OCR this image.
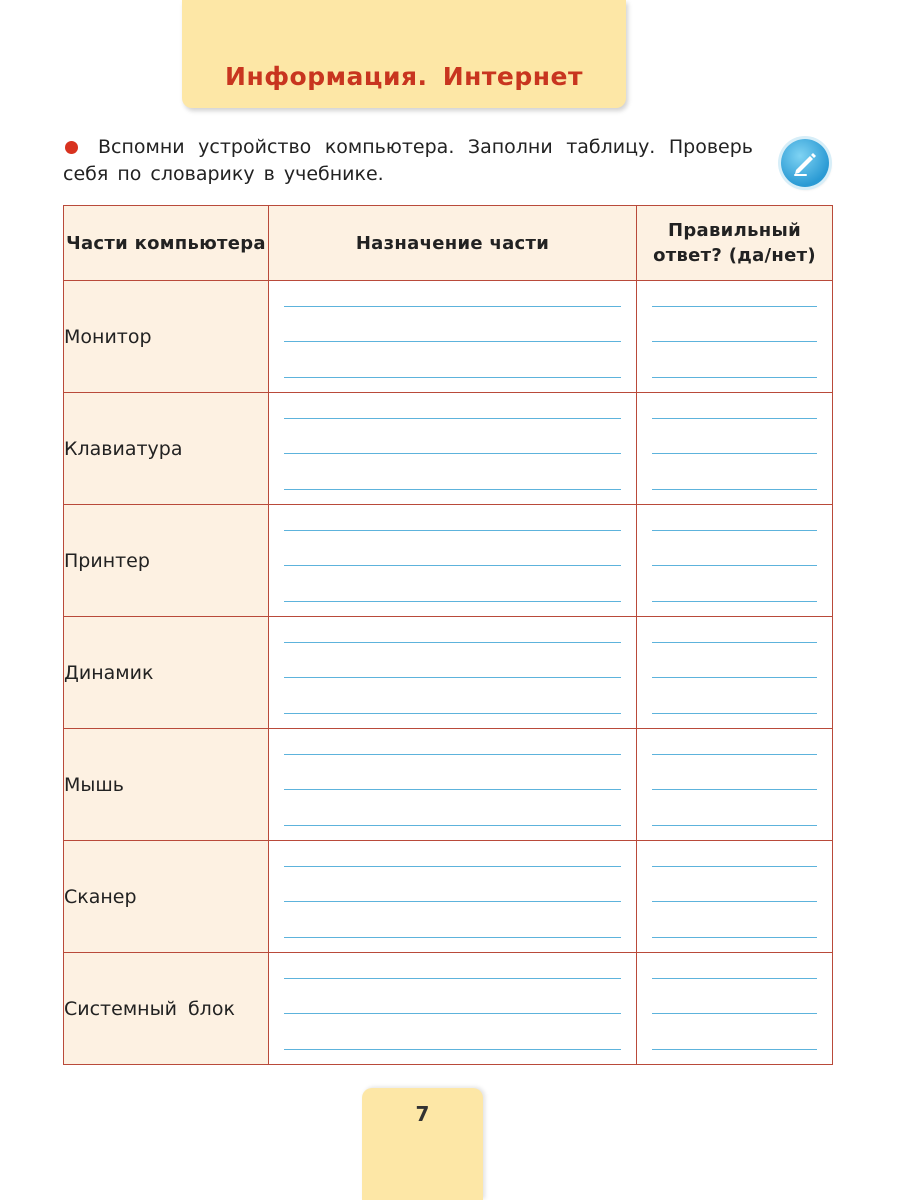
Информация. Интернет
Вспомни устройство компьютера. Заполни таблицу. Проверь себя по словарику в учебнике.
Части компьютера	Назначение части	Правильный ответ? (да/нет)
Монитор	

Клавиатура	

Принтер	

Динамик	

Мышь	

Сканер	

Системный блок	

7
